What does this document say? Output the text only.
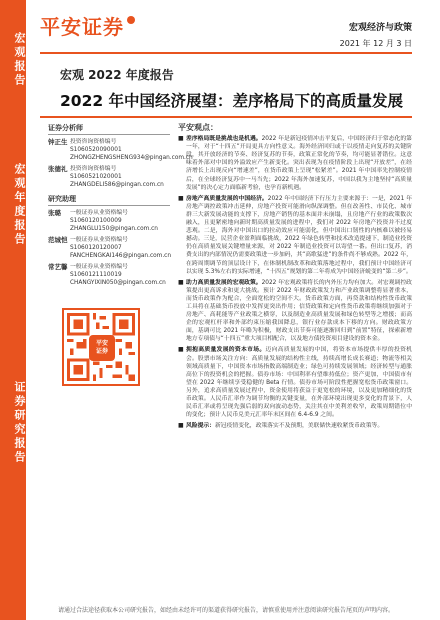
宏观报告
宏观年度报告
证券研究报告
平安证券	宏观经济与政策
2021 年 12 月 3 日
宏观 2022 年度报告
2022 年中国经济展望：差序格局下的高质量发展
证券分析师
钟正生 投资咨询资格编号
S1060520090001
ZHONGZHENGSHENG934@pingan.com.cn
张德礼 投资咨询资格编号
S1060521020001
ZHANGDELI586@pingan.com.cn
研究助理
张璐	一般证券从业资格编号
S1060120100009
ZHANGLU150@pingan.com.cn
范城恺 一般证券从业资格编号
S1060120120007
FANCHENGKAI146@pingan.com.cn
常艺馨 一般证券从业资格编号
S1060121110019
CHANGYIXIN050@pingan.com.cn
平安
证券
平安观点：
■ 差序格局既是挑战也是机遇。2022 年是新冠疫情冲击平复后，中国经济归于常态化的第一年，对于“十四五”开局更具方向性意义。海外经济回归或于以疫情走向复苏的关键阶段，其开放经济的节奏、经济复苏的节奏，政策正常化的节奏，均可能显著错位。这意味着外部对中国的外溢效应产生新变化。突出表现为在疫情阶段上出现“开放差”，在经济增长上出现反向“增速差”，在货币政策上呈现“松紧差”。2021 年中国率先控制疫情后，在全球经济复苏中一马当先；2022 年海外加速复苏，中国以我为主地坚持“高质量发展”的决心定力面临新考验，也孕育新机遇。
■ 房地产高质量发展的中国经济。2022 年中国经济下行压力主要来源于：一是，2021 年房地产调控政策冲击延伸，房地产投资可能滑向纵深调整。但在改善性、市民化、城市群三大新发展动能的支撑下，房地产销售的基本面并未崩塌，且房地产行业的政策数次融入，且更紧密地向新时期高质量发展的进程中，我们对 2022 年房地产投资并不过度悲观。二是，海外对中国出口的拉动效应可能弱化，但中国出口韧性的内核难以被轻易撼动。三是，民营企业盈利面临挑战，2022 年绿色转型和技术改造提速下，制造业投资仍在高质量发展关键增量来源，对 2022 年制造业投资可以寄望一番。但出口复苏，消费支出的内部情况仍需要政策进一步加码，其“高歌猛进”的条件尚不够成熟。2022 年，在跨周期调节的顶层设计下，在体制机制改革和政策落地过程中，我们预计中国经济可以实现 5.3%左右的实际增速，“十四五”规划的第二年将成为中国经济蜕变的“第二步”。
■ 助力高质量发展的宏观政策。2022 年宏观政策将长的内外压力均有加大。对宏观调控政策提出更高诉求和更大挑战。预计 2022 年财政政策发力和产业政策调整将显著重本，而货币政策作为配合，全面宽松的空间不大。货币政策方面，再贷款和结构性货币政策工具将在基础货币投放中发挥更突出作用；信贷政策和定向性货币政策将继续加强对于房地产、高耗能等产业政策之横穿，以及制造业高质量发展和绿色转型等之增援；而高企的宏观杠杆率和外部约束压缩我国降息，银行业存款成本下移的方向。财政政策方面，基调可比 2021 年略为积极，财政支出节奏可能逐渐回归到“前置”特征，探索新增地方专项债与“十四五”重大项目相配合，以及地方债投资项目建设的资本金。
■ 拥抱高质量发展的资本市场。迈向高质量发展的中国，将资本市场提供丰厚的投资机会。股票市场关注方向：高质量发展的结构性主线，持续高增长成长赛道；物流等相关领域高质量下，中国资本市场指数高端制造业；绿色可持续发展领域；经济转型与通胀高位下的投资机会的把握。债券市场：中国利率有望维持低位；资产更加，中国债市有望在 2022 年继续享受稳健的 Beta 行情。债券市场可阶段性把握宽松货币政策窗口。另外，追求高质量发展过程中，资金使用将获益于更宽松的环境，以及更加精细化的货币政策。人民币汇率作为调节均衡的关键变量，在外部环境出现更多变化的背景下，人民币汇率或将呈现先强后弱的双向波动态势，关注其在中美利差收窄，政策周期错位中的变化；预计人民币兑美元汇率年末区间在 6.4-6.9 之间。
■ 风险提示：新冠疫情变化，政策落实不及预期，美联储快速收紧货币政策等。
请通过合法途径获取本公司研究报告，如经由未经许可的渠道获得研究报告，请慎重使用并注意阅读研究报告尾页的声明内容。
